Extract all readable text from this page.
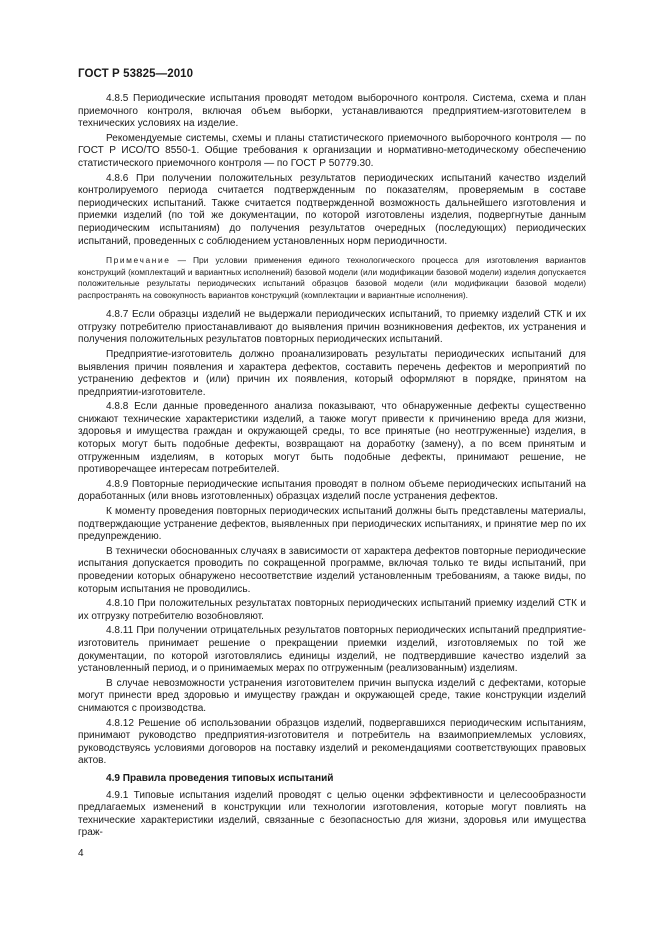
ГОСТ Р 53825—2010

4.8.5 Периодические испытания проводят методом выборочного контроля. Система, схема и план приемочного контроля, включая объем выборки, устанавливаются предприятием-изготовителем в технических условиях на изделие.

Рекомендуемые системы, схемы и планы статистического приемочного выборочного контроля — по ГОСТ Р ИСО/ТО 8550-1. Общие требования к организации и нормативно-методическому обеспечению статистического приемочного контроля — по ГОСТ Р 50779.30.

4.8.6 При получении положительных результатов периодических испытаний качество изделий контролируемого периода считается подтвержденным по показателям, проверяемым в составе периодических испытаний. Также считается подтвержденной возможность дальнейшего изготовления и приемки изделий (по той же документации, по которой изготовлены изделия, подвергнутые данным периодическим испытаниям) до получения результатов очередных (последующих) периодических испытаний, проведенных с соблюдением установленных норм периодичности.

Примечание — При условии применения единого технологического процесса для изготовления вариантов конструкций (комплектаций и вариантных исполнений) базовой модели (или модификации базовой модели) изделия допускается положительные результаты периодических испытаний образцов базовой модели (или модификации базовой модели) распространять на совокупность вариантов конструкций (комплектации и вариантные исполнения).

4.8.7 Если образцы изделий не выдержали периодических испытаний, то приемку изделий СТК и их отгрузку потребителю приостанавливают до выявления причин возникновения дефектов, их устранения и получения положительных результатов повторных периодических испытаний.

Предприятие-изготовитель должно проанализировать результаты периодических испытаний для выявления причин появления и характера дефектов, составить перечень дефектов и мероприятий по устранению дефектов и (или) причин их появления, который оформляют в порядке, принятом на предприятии-изготовителе.

4.8.8 Если данные проведенного анализа показывают, что обнаруженные дефекты существенно снижают технические характеристики изделий, а также могут привести к причинению вреда для жизни, здоровья и имущества граждан и окружающей среды, то все принятые (но неотгруженные) изделия, в которых могут быть подобные дефекты, возвращают на доработку (замену), а по всем принятым и отгруженным изделиям, в которых могут быть подобные дефекты, принимают решение, не противоречащее интересам потребителей.

4.8.9 Повторные периодические испытания проводят в полном объеме периодических испытаний на доработанных (или вновь изготовленных) образцах изделий после устранения дефектов.

К моменту проведения повторных периодических испытаний должны быть представлены материалы, подтверждающие устранение дефектов, выявленных при периодических испытаниях, и принятие мер по их предупреждению.

В технически обоснованных случаях в зависимости от характера дефектов повторные периодические испытания допускается проводить по сокращенной программе, включая только те виды испытаний, при проведении которых обнаружено несоответствие изделий установленным требованиям, а также виды, по которым испытания не проводились.

4.8.10 При положительных результатах повторных периодических испытаний приемку изделий СТК и их отгрузку потребителю возобновляют.

4.8.11 При получении отрицательных результатов повторных периодических испытаний предприятие-изготовитель принимает решение о прекращении приемки изделий, изготовляемых по той же документации, по которой изготовлялись единицы изделий, не подтвердившие качество изделий за установленный период, и о принимаемых мерах по отгруженным (реализованным) изделиям.

В случае невозможности устранения изготовителем причин выпуска изделий с дефектами, которые могут принести вред здоровью и имуществу граждан и окружающей среде, такие конструкции изделий снимаются с производства.

4.8.12 Решение об использовании образцов изделий, подвергавшихся периодическим испытаниям, принимают руководство предприятия-изготовителя и потребитель на взаимоприемлемых условиях, руководствуясь условиями договоров на поставку изделий и рекомендациями соответствующих правовых актов.

4.9 Правила проведения типовых испытаний

4.9.1 Типовые испытания изделий проводят с целью оценки эффективности и целесообразности предлагаемых изменений в конструкции или технологии изготовления, которые могут повлиять на технические характеристики изделий, связанные с безопасностью для жизни, здоровья или имущества граж-

4
